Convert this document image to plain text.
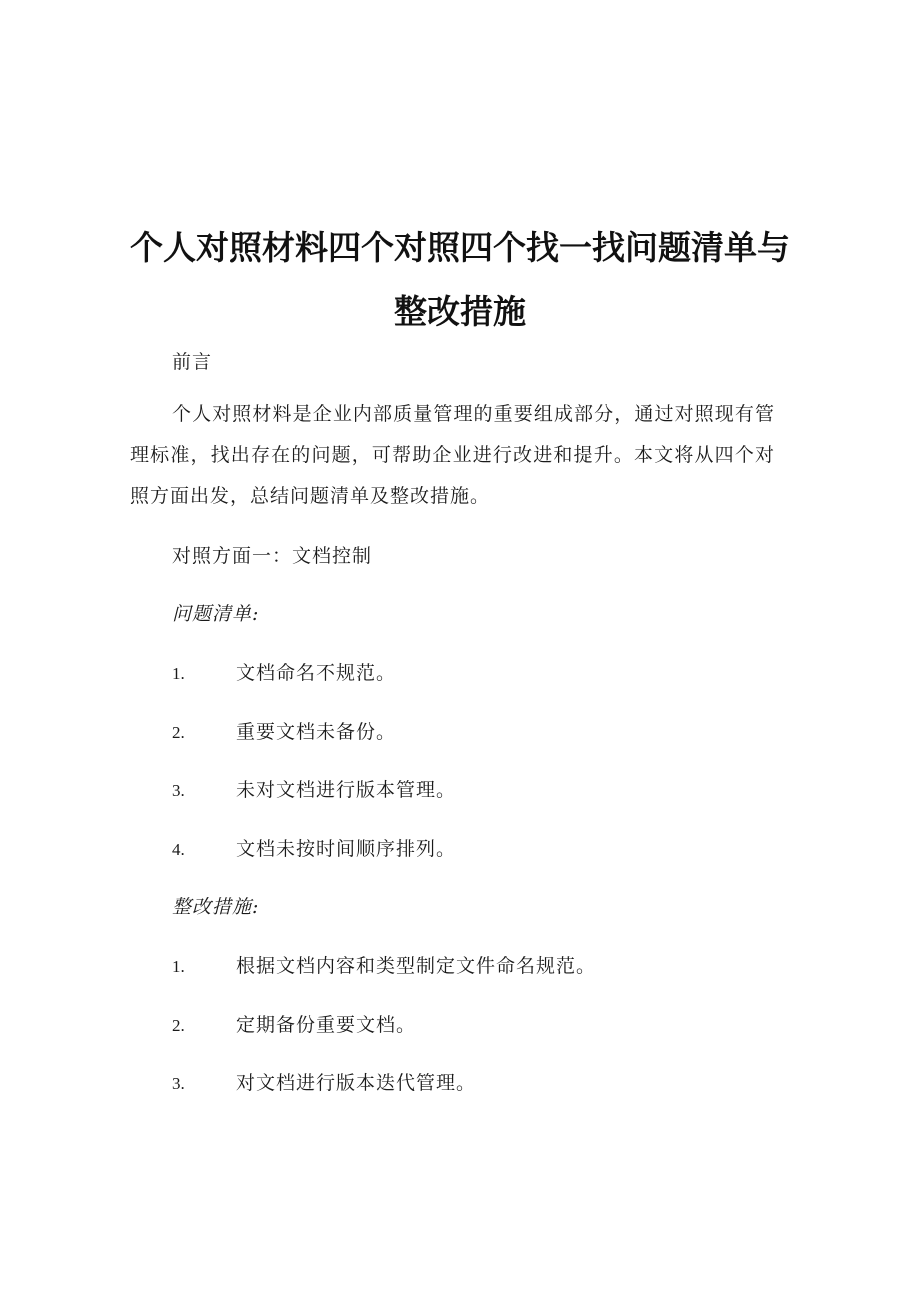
个人对照材料四个对照四个找一找问题清单与
整改措施
前言
个人对照材料是企业内部质量管理的重要组成部分，通过对照现有管理标准，找出存在的问题，可帮助企业进行改进和提升。本文将从四个对照方面出发，总结问题清单及整改措施。
对照方面一：文档控制
问题清单:
1.	文档命名不规范。
2.	重要文档未备份。
3.	未对文档进行版本管理。
4.	文档未按时间顺序排列。
整改措施:
1.	根据文档内容和类型制定文件命名规范。
2.	定期备份重要文档。
3.	对文档进行版本迭代管理。
